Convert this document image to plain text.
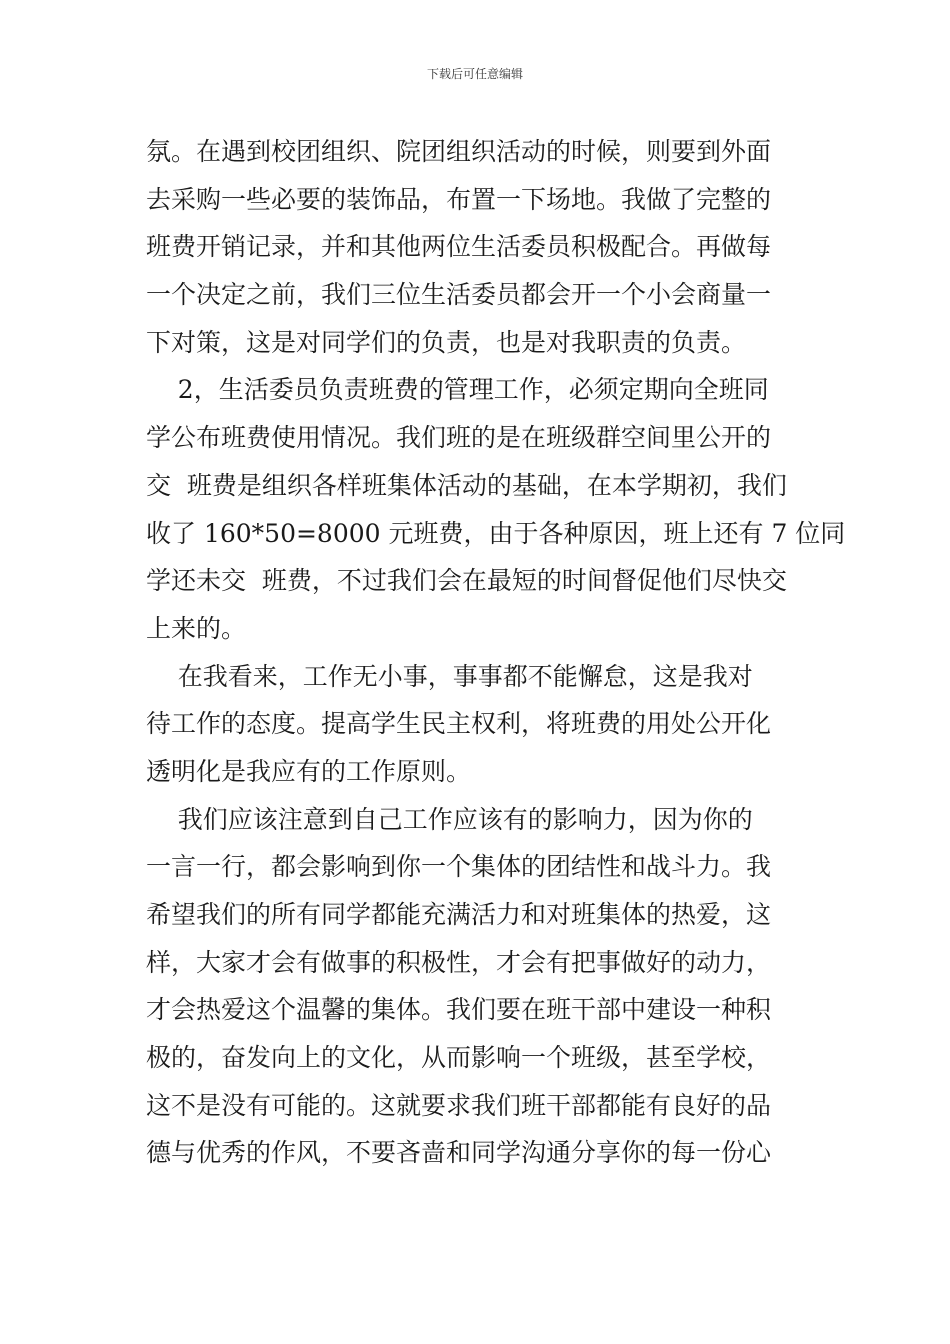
下载后可任意编辑
氛。在遇到校团组织、院团组织活动的时候，则要到外面
去采购一些必要的装饰品，布置一下场地。我做了完整的
班费开销记录，并和其他两位生活委员积极配合。再做每
一个决定之前，我们三位生活委员都会开一个小会商量一
下对策，这是对同学们的负责，也是对我职责的负责。
2，生活委员负责班费的管理工作，必须定期向全班同
学公布班费使用情况。我们班的是在班级群空间里公开的
交  班费是组织各样班集体活动的基础，在本学期初，我们
收了 160*50=8000 元班费，由于各种原因，班上还有 7 位同
学还未交  班费，不过我们会在最短的时间督促他们尽快交
上来的。
在我看来，工作无小事，事事都不能懈怠，这是我对
待工作的态度。提高学生民主权利，将班费的用处公开化
透明化是我应有的工作原则。
我们应该注意到自己工作应该有的影响力，因为你的
一言一行，都会影响到你一个集体的团结性和战斗力。我
希望我们的所有同学都能充满活力和对班集体的热爱，这
样，大家才会有做事的积极性，才会有把事做好的动力，
才会热爱这个温馨的集体。我们要在班干部中建设一种积
极的，奋发向上的文化，从而影响一个班级，甚至学校，
这不是没有可能的。这就要求我们班干部都能有良好的品
德与优秀的作风，不要吝啬和同学沟通分享你的每一份心
